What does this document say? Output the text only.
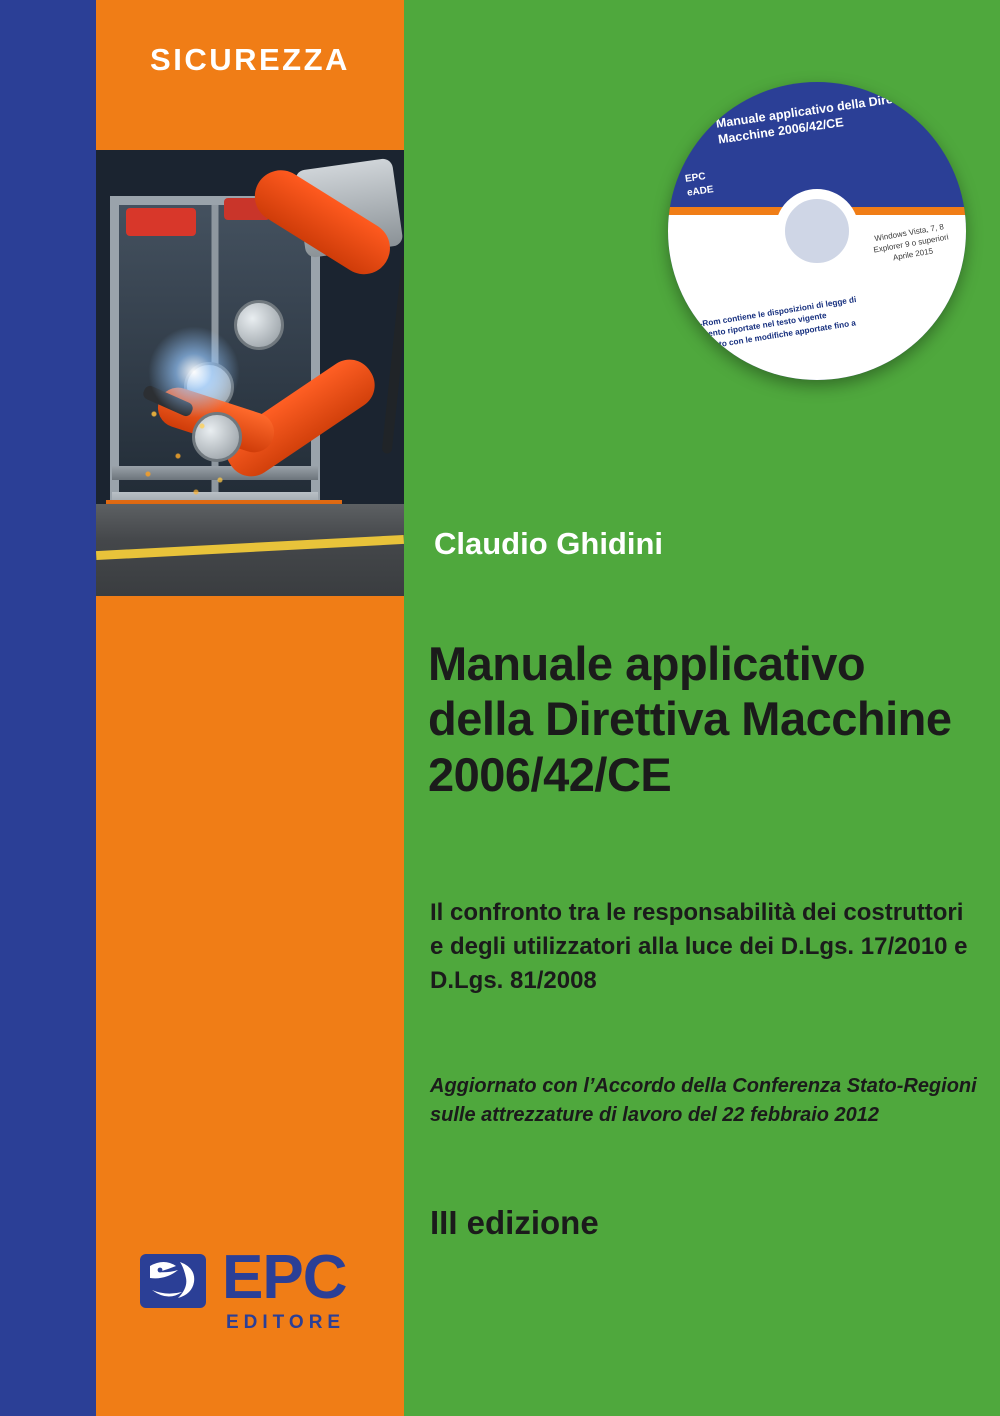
SICUREZZA
Manuale applicativo della Direttiva Macchine 2006/42/CE
EPC
eADE
Windows Vista, 7, 8 Explorer 9 o superiori Aprile 2015
Il CD-Rom contiene le disposizioni di legge di riferimento riportate nel testo vigente coordinato con le modifiche apportate fino a aprile 2015
Claudio Ghidini
Manuale applicativo della Direttiva Macchine 2006/42/CE
Il confronto tra le responsabilità dei costruttori e degli utilizzatori alla luce dei D.Lgs. 17/2010 e D.Lgs. 81/2008
Aggiornato con l’Accordo della Conferenza Stato-Regioni sulle attrezzature di lavoro del 22 febbraio 2012
III edizione
EPC
EDITORE
